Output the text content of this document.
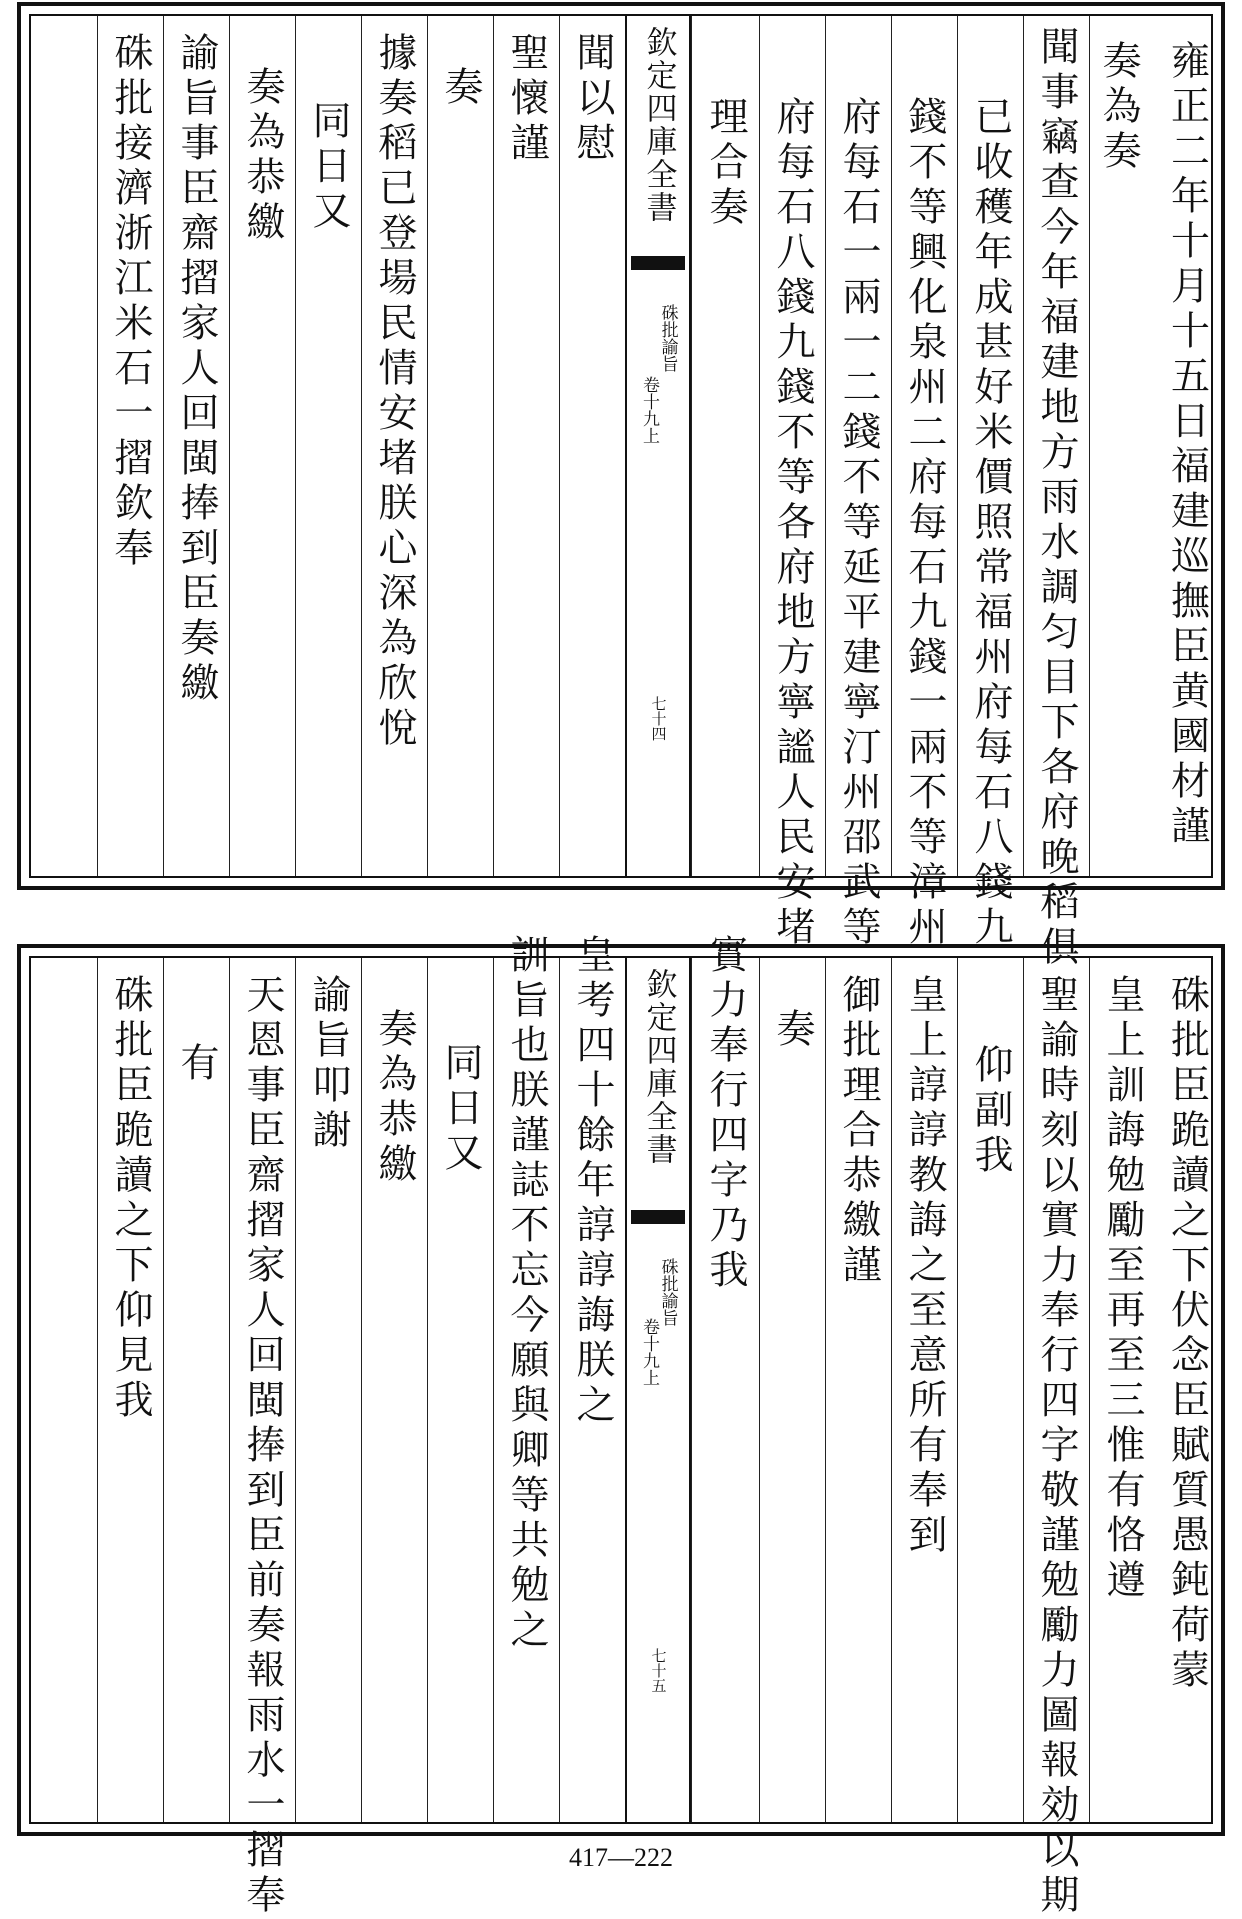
雍正二年十月十五日福建巡撫臣黄國材謹
奏為奏
聞事竊查今年福建地方雨水調匀目下各府晚稻俱
已收穫年成甚好米價照常福州府每石八錢九
錢不等興化泉州二府每石九錢一兩不等漳州
府每石一兩一二錢不等延平建寧汀州邵武等
府每石八錢九錢不等各府地方寧謐人民安堵
理合奏
欽定四庫全書
硃批諭旨
卷十九上
七十四
聞以慰
聖懷謹
奏
據奏稻已登場民情安堵朕心深為欣悅
同日又
奏為恭繳
諭旨事臣齋摺家人回閩捧到臣奏繳
硃批接濟浙江米石一摺欽奉
硃批臣跪讀之下伏念臣賦質愚鈍荷蒙
皇上訓誨勉勵至再至三惟有恪遵
聖諭時刻以實力奉行四字敬謹勉勵力圖報効以期
仰副我
皇上諄諄教誨之至意所有奉到
御批理合恭繳謹
奏
實力奉行四字乃我
欽定四庫全書
硃批諭旨
卷十九上
七十五
皇考四十餘年諄諄誨朕之
訓旨也朕謹誌不忘今願與卿等共勉之
同日又
奏為恭繳
諭旨叩謝
天恩事臣齋摺家人回閩捧到臣前奏報雨水一摺奉
有
硃批臣跪讀之下仰見我
417—222
